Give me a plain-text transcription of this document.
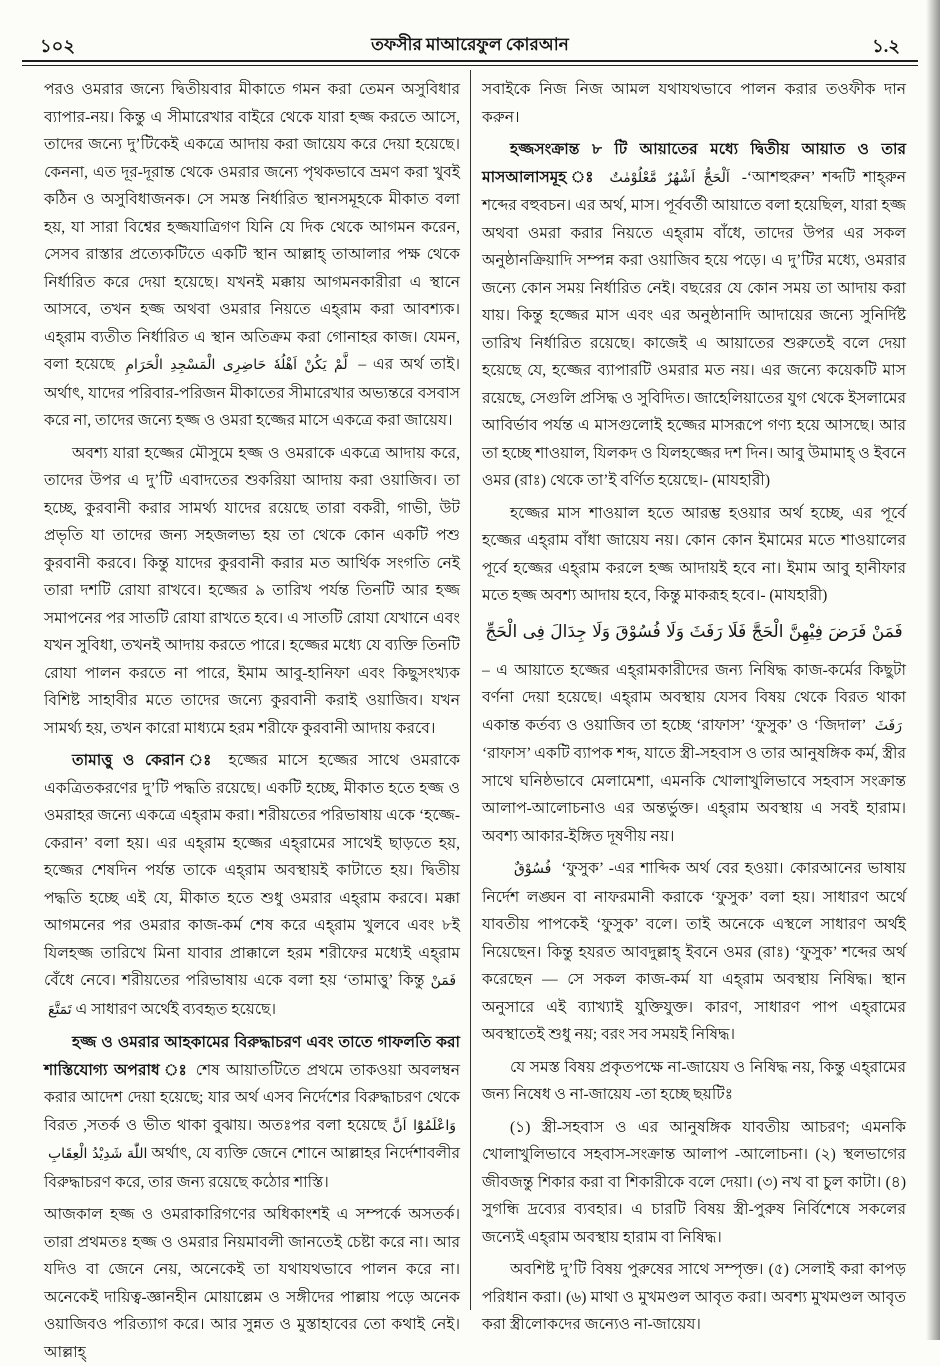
১০২	তফসীর মাআরেফুল কোরআন	১.২

পরও ওমরার জন্যে দ্বিতীয়বার মীকাতে গমন করা তেমন অসুবিধার ব্যাপার-নয়। কিন্তু এ সীমারেখার বাইরে থেকে যারা হজ্জ করতে আসে, তাদের জন্যে দু’টিকেই একত্রে আদায় করা জায়েয করে দেয়া হয়েছে। কেননা, এত দূর-দূরান্ত থেকে ওমরার জন্যে পৃথকভাবে ভ্রমণ করা খুবই কঠিন ও অসুবিধাজনক। সে সমস্ত নির্ধারিত স্থানসমূহকে মীকাত বলা হয়, যা সারা বিশ্বের হজ্জযাত্রিগণ যিনি যে দিক থেকে আগমন করেন, সেসব রাস্তার প্রত্যেকটিতে একটি স্থান আল্লাহ্ তাআলার পক্ষ থেকে নির্ধারিত করে দেয়া হয়েছে। যখনই মক্কায় আগমনকারীরা এ স্থানে আসবে, তখন হজ্জ অথবা ওমরার নিয়তে এহ্‌রাম করা আবশ্যক। এহ্‌রাম ব্যতীত নির্ধারিত এ স্থান অতিক্রম করা গোনাহর কাজ। যেমন, বলা হয়েছে لَّمْ يَكُنْ اَهْلُهٗ حَاضِرِى الْمَسْجِدِ الْحَرَامِ – এর অর্থ তাই। অর্থাৎ, যাদের পরিবার-পরিজন মীকাতের সীমারেখার অভ্যন্তরে বসবাস করে না, তাদের জন্যে হজ্জ ও ওমরা হজ্জের মাসে একত্রে করা জায়েয।

অবশ্য যারা হজ্জের মৌসুমে হজ্জ ও ওমরাকে একত্রে আদায় করে, তাদের উপর এ দু’টি এবাদতের শুকরিয়া আদায় করা ওয়াজিব। তা হচ্ছে, কুরবানী করার সামর্থ্য যাদের রয়েছে তারা বকরী, গাভী, উট প্রভৃতি যা তাদের জন্য সহজলভ্য হয় তা থেকে কোন একটি পশু কুরবানী করবে। কিন্তু যাদের কুরবানী করার মত আর্থিক সংগতি নেই তারা দশটি রোযা রাখবে। হজ্জের ৯ তারিখ পর্যন্ত তিনটি আর হজ্জ সমাপনের পর সাতটি রোযা রাখতে হবে। এ সাতটি রোযা যেখানে এবং যখন সুবিধা, তখনই আদায় করতে পারে। হজ্জের মধ্যে যে ব্যক্তি তিনটি রোযা পালন করতে না পারে, ইমাম আবু-হানিফা এবং কিছুসংখ্যক বিশিষ্ট সাহাবীর মতে তাদের জন্যে কুরবানী করাই ওয়াজিব। যখন সামর্থ্য হয়, তখন কারো মাধ্যমে হরম শরীফে কুরবানী আদায় করবে।

তামাত্তু ও কেরান ঃ হজ্জের মাসে হজ্জের সাথে ওমরাকে একত্রিতকরণের দু’টি পদ্ধতি রয়েছে। একটি হচ্ছে, মীকাত হতে হজ্জ ও ওমরাহর জন্যে একত্রে এহ্‌রাম করা। শরীয়তের পরিভাষায় একে ‘হজ্জে-কেরান’ বলা হয়। এর এহ্‌রাম হজ্জের এহ্‌রামের সাথেই ছাড়তে হয়, হজ্জের শেষদিন পর্যন্ত তাকে এহ্‌রাম অবস্থায়ই কাটাতে হয়। দ্বিতীয় পদ্ধতি হচ্ছে এই যে, মীকাত হতে শুধু ওমরার এহ্‌রাম করবে। মক্কা আগমনের পর ওমরার কাজ-কর্ম শেষ করে এহ্‌রাম খুলবে এবং ৮ই যিলহজ্জ তারিখে মিনা যাবার প্রাক্কালে হরম শরীফের মধ্যেই এহ্‌রাম বেঁধে নেবে। শরীয়তের পরিভাষায় একে বলা হয় ‘তামাত্তু’ কিন্তু فَمَنْ تَمَتَّعَ এ সাধারণ অর্থেই ব্যবহৃত হয়েছে।

হজ্জ ও ওমরার আহকামের বিরুদ্ধাচরণ এবং তাতে গাফলতি করা শাস্তিযোগ্য অপরাধ ঃ শেষ আয়াতটিতে প্রথমে তাকওয়া অবলম্বন করার আদেশ দেয়া হয়েছে; যার অর্থ এসব নির্দেশের বিরুদ্ধাচরণ থেকে বিরত ,সতর্ক ও ভীত থাকা বুঝায়। অতঃপর বলা হয়েছে وَاعْلَمُوْٓا اَنَّ اللّٰهَ شَدِيْدُ الْعِقَابِ অর্থাৎ, যে ব্যক্তি জেনে শোনে আল্লাহর নির্দেশাবলীর বিরুদ্ধাচরণ করে, তার জন্য রয়েছে কঠোর শাস্তি।

আজকাল হজ্জ ও ওমরাকারিগণের অধিকাংশই এ সম্পর্কে অসতর্ক। তারা প্রথমতঃ হজ্জ ও ওমরার নিয়মাবলী জানতেই চেষ্টা করে না। আর যদিও বা জেনে নেয়, অনেকেই তা যথাযথভাবে পালন করে না। অনেকেই দায়িত্ব-জ্ঞানহীন মোয়াল্লেম ও সঙ্গীদের পাল্লায় পড়ে অনেক ওয়াজিবও পরিত্যাগ করে। আর সুন্নত ও মুস্তাহাবের তো কথাই নেই। আল্লাহ্

সবাইকে নিজ নিজ আমল যথাযথভাবে পালন করার তওফীক দান করুন।

হজ্জসংক্রান্ত ৮ টি আয়াতের মধ্যে দ্বিতীয় আয়াত ও তার মাসআলাসমূহ ঃ اَلْحَجُّ اَشْهُرٌ مَّعْلُوْمٰتٌ -‘আশহুরুন’ শব্দটি শাহ্‌রুন শব্দের বহুবচন। এর অর্থ, মাস। পূর্ববর্তী আয়াতে বলা হয়েছিল, যারা হজ্জ অথবা ওমরা করার নিয়তে এহ্‌রাম বাঁধে, তাদের উপর এর সকল অনুষ্ঠানক্রিয়াদি সম্পন্ন করা ওয়াজিব হয়ে পড়ে। এ দু’টির মধ্যে, ওমরার জন্যে কোন সময় নির্ধারিত নেই। বছরের যে কোন সময় তা আদায় করা যায়। কিন্তু হজ্জের মাস এবং এর অনুষ্ঠানাদি আদায়ের জন্যে সুনির্দিষ্ট তারিখ নির্ধারিত রয়েছে। কাজেই এ আয়াতের শুরুতেই বলে দেয়া হয়েছে যে, হজ্জের ব্যাপারটি ওমরার মত নয়। এর জন্যে কয়েকটি মাস রয়েছে, সেগুলি প্রসিদ্ধ ও সুবিদিত। জাহেলিয়াতের যুগ থেকে ইসলামের আবির্ভাব পর্যন্ত এ মাসগুলোই হজ্জের মাসরূপে গণ্য হয়ে আসছে। আর তা হচ্ছে শাওয়াল, যিলকদ ও যিলহজ্জের দশ দিন। আবু উমামাহ্ ও ইবনে ওমর (রাঃ) থেকে তা’ই বর্ণিত হয়েছে।- (মাযহারী)

হজ্জের মাস শাওয়াল হতে আরম্ভ হওয়ার অর্থ হচ্ছে, এর পূর্বে হজ্জের এহ্‌রাম বাঁধা জায়েয নয়। কোন কোন ইমামের মতে শাওয়ালের পূর্বে হজ্জের এহ্‌রাম করলে হজ্জ আদায়ই হবে না। ইমাম আবু হানীফার মতে হজ্জ অবশ্য আদায় হবে, কিন্তু মাকরূহ হবে।- (মাযহারী)

فَمَنْ فَرَضَ فِيْهِنَّ الْحَجَّ فَلَا رَفَثَ وَلَا فُسُوْقَ وَلَا جِدَالَ فِى الْحَجِّ

– এ আয়াতে হজ্জের এহ্‌রামকারীদের জন্য নিষিদ্ধ কাজ-কর্মের কিছুটা বর্ণনা দেয়া হয়েছে। এহ্‌রাম অবস্থায় যেসব বিষয় থেকে বিরত থাকা একান্ত কর্তব্য ও ওয়াজিব তা হচ্ছে ‘রাফাস’ ‘ফুসুক’ ও ‘জিদাল’ رَفَثَ ‘রাফাস’ একটি ব্যাপক শব্দ, যাতে স্ত্রী-সহবাস ও তার আনুষঙ্গিক কর্ম, স্ত্রীর সাথে ঘনিষ্ঠভাবে মেলামেশা, এমনকি খোলাখুলিভাবে সহবাস সংক্রান্ত আলাপ-আলোচনাও এর অন্তর্ভুক্ত। এহ্‌রাম অবস্থায় এ সবই হারাম। অবশ্য আকার-ইঙ্গিত দূষণীয় নয়।

فُسُوْقٌ ‘ফুসুক’ -এর শাব্দিক অর্থ বের হওয়া। কোরআনের ভাষায় নির্দেশ লঙ্ঘন বা নাফরমানী করাকে ‘ফুসুক’ বলা হয়। সাধারণ অর্থে যাবতীয় পাপকেই ‘ফুসুক’ বলে। তাই অনেকে এস্থলে সাধারণ অর্থই নিয়েছেন। কিন্তু হযরত আবদুল্লাহ্ ইবনে ওমর (রাঃ) ‘ফুসুক’ শব্দের অর্থ করেছেন — সে সকল কাজ-কর্ম যা এহ্‌রাম অবস্থায় নিষিদ্ধ। স্থান অনুসারে এই ব্যাখ্যাই যুক্তিযুক্ত। কারণ, সাধারণ পাপ এহ্‌রামের অবস্থাতেই শুধু নয়; বরং সব সময়ই নিষিদ্ধ।

যে সমস্ত বিষয় প্রকৃতপক্ষে না-জায়েয ও নিষিদ্ধ নয়, কিন্তু এহ্‌রামের জন্য নিষেধ ও না-জায়েয -তা হচ্ছে ছয়টিঃ

(১) স্ত্রী-সহবাস ও এর আনুষঙ্গিক যাবতীয় আচরণ; এমনকি খোলাখুলিভাবে সহবাস-সংক্রান্ত আলাপ -আলোচনা। (২) স্থলভাগের জীবজন্তু শিকার করা বা শিকারীকে বলে দেয়া। (৩) নখ বা চুল কাটা। (৪) সুগন্ধি দ্রব্যের ব্যবহার। এ চারটি বিষয় স্ত্রী-পুরুষ নির্বিশেষে সকলের জন্যেই এহ্‌রাম অবস্থায় হারাম বা নিষিদ্ধ।

অবশিষ্ট দু’টি বিষয় পুরুষের সাথে সম্পৃক্ত। (৫) সেলাই করা কাপড় পরিধান করা। (৬) মাথা ও মুখমণ্ডল আবৃত করা। অবশ্য মুখমণ্ডল আবৃত করা স্ত্রীলোকদের জন্যেও না-জায়েয।
